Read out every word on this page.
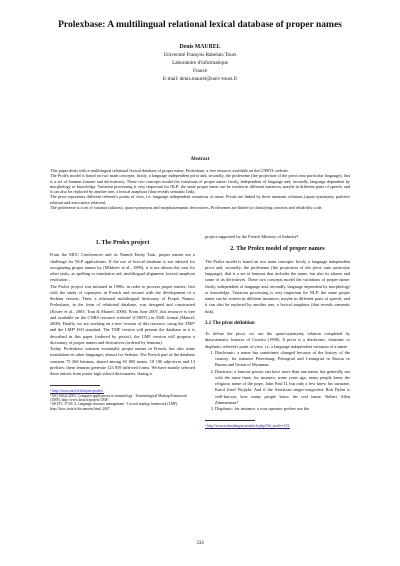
Prolexbase: A multilingual relational lexical database of proper names
Denis MAUREL
Université François Rabelais Tours
Laboratoire d'informatique
France
E-mail: denis.maurel@univ-tours.fr
Abstract

This paper deals with a multilingual relational lexical database of proper name, Prolexbase, a free resource available on the CNRTL website.

The Prolex model is based on two main concepts: firstly, a language independent pivot and, secondly, the prolexeme (the projection of the pivot onto particular language), that is a set of lemmas (names and derivatives). These two concepts model the variations of proper name: firstly, independent of language and, secondly, language dependent by morphology or knowledge. Variation processing is very important for NLP: the same proper name can be written in different instances, maybe in different parts of speech, and it can also be replaced by another one, a lexical anaphora (that reveals semantic link).

The pivot represents different referent's points of view, i.e. language independent variations of name. Pivots are linked by three semantic relations (quasi-synonymy, partitive relation and associative relation).

The prolexeme is a set of variants (aliases), quasi-synonyms and morphosemantic derivatives. Prolexemes are linked to classifying contexts and reliability code.

1. The Prolex project

From the MUC Conferences and its Named Entity Task, proper names are a challenge for NLP applications. If the use of lexical database is not advised for recognizing proper names by (Mikheev et al., 1999), it is not almost the case for other tasks, as spelling or translation aid, multilingual alignment, lexical anaphora resolution…

The Prolex project was initiated in 1990s, in order to process proper names, first with the study of toponyms in French and second with the development of a Serbian version. Then, a relational multilingual dictionary of Proper Names, Prolexbase, in the form of relational database, was designed and constructed (Krstev et al., 2005; Tran & Maurel, 2006). From June 2007, this resource is free and available on the CNRS resource website¹ (CNRTL) in XML format (Maurel, 2008). Finally, we are working on a new version of this resource, using the TMF² and the LMF³ ISO standard. The TMF version will present the database as it is described in this paper (ordered by pivots); the LMF version will propose a dictionary of proper names and derivatives (ordered by lemmas).

Today, Prolexbase contains essentially proper names in French, but also some translations in other languages, almost for Serbian. The French part of the database contains 75 368 lemmas, shared among 65 805 nouns, 10 100 adjectives and 13 prefixes; these lemmas generate 123 859 inflected forms. We have mainly selected these entries from junior high school dictionaries, during a

¹ http://www.cnrtl.fr/lexiques/prolex/.

² ISO 16642:2003, Computer applications in terminology - Terminological Markup Framework (TMF), http://www.loria.fr/projets/TMF/.

³ ISO/TC 37/SC 4, Language resource management - Lexical markup framework (LMF), http://lirics.loria.fr/documents.html, 2007.

project supported by the French Ministry of Industry⁴.

2. The Prolex model of proper names

The Prolex model is based on two main concepts: firstly, a language independent pivot and, secondly, the prolexeme (the projection of the pivot onto particular language), that is a set of lemmas that includes the name, but also its aliases and some of its derivatives. These two concepts model the variations of proper name: firstly, independent of language and, secondly, language dependent by morphology or knowledge. Variation processing is very important for NLP: the same proper name can be written in different instances, maybe in different parts of speech, and it can also be replaced by another one, a lexical anaphora (that reveals semantic link).

2.1 The pivot definition

To define the pivot, we use the quasi-synonymy relation completed by diasystematic features of Coseriu (1998). A pivot is a diachronic, diastratic or diaphasic referent's point of view, i.e. a language independent variation of a name:

1. Diachronic: a name has sometimes changed because of the history of the country, for instance Petersburg, Petrograd and Leningrad in Russia or Burma and Union of Myanmar.
2. Diastratic: a famous person can have more than one name, but generally not with the same fame, for instance, some years ago, many people knew the religious name of the pope, John Paul II, but only a few knew his surname, Karol Józef Wojtyła. And if the American singer-songwriter Bob Dylan is well-known, how many people know his real name, Robert Allen Zimmerman?
3. Diaphasic: for instance, a tour operator prefers use the

⁴ http://www.technolangue.net/article.php3?id_article=155.

334
